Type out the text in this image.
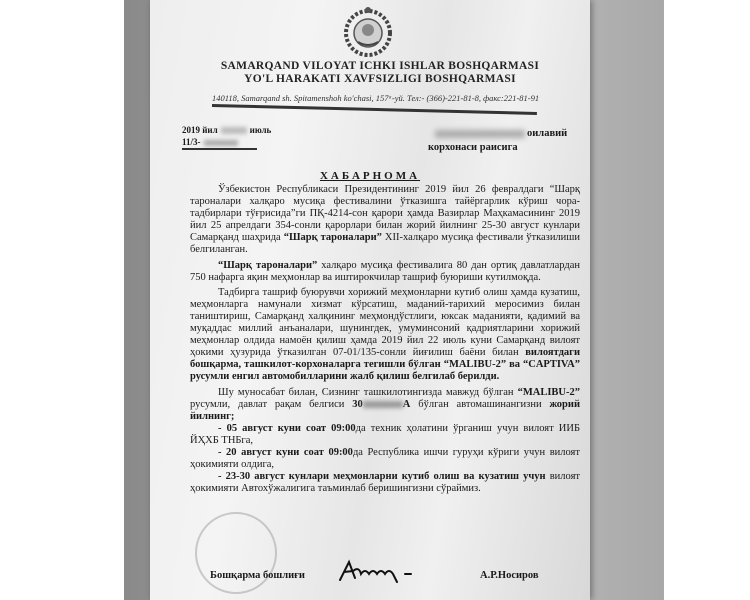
SAMARQAND VILOYAT ICHKI ISHLAR BOSHQARMASI
YO'L HARAKATI XAVFSIZLIGI BOSHQARMASI
140118, Samarqand sh. Spitamenshoh ko'chasi, 157ᵃ-уй. Тел:- (366)-221-81-8, факс:221-81-91
2019 йил	июль
11/3-
оилавий
корхонаси раисига
ХАБАРНОМА

Ўзбекистон Республикаси Президентининг 2019 йил 26 февралдаги “Шарқ тароналари халқаро мусиқа фестивалини ўтказишга тайёргарлик кўриш чора-тадбирлари тўғрисида”ги ПҚ-4214-сон қарори ҳамда Вазирлар Маҳкамасининг 2019 йил 25 апрелдаги 354-сонли қарорлари билан жорий йилнинг 25-30 август кунлари Самарқанд шаҳрида “Шарқ тароналари” XII-халқаро мусиқа фестивали ўтказилиши белгиланган.

“Шарқ тароналари” халқаро мусиқа фестивалига 80 дан ортиқ давлатлардан 750 нафарга яқин меҳмонлар ва иштирокчилар ташриф буюриши кутилмоқда.

Тадбирга ташриф буюрувчи хорижий меҳмонларни кутиб олиш ҳамда кузатиш, меҳмонларга намунали хизмат кўрсатиш, маданий-тарихий меросимиз билан таништириш, Самарқанд халқининг меҳмондўстлиги, юксак маданияти, қадимий ва муқаддас миллий анъаналари, шунингдек, умуминсоний қадриятларини хорижий меҳмонлар олдида намоён қилиш ҳамда 2019 йил 22 июль куни Самарқанд вилоят ҳокими ҳузурида ўтказилган 07-01/135-сонли йиғилиш баёни билан вилоятдаги бошқарма, ташкилот-корхоналарга тегишли бўлган “MALIBU-2” ва “CAPTIVA” русумли енгил автомобилларини жалб қилиш белгилаб берилди.

Шу муносабат билан, Сизнинг ташкилотингизда мавжуд бўлган “MALIBU-2” русумли, давлат рақам белгиси 30	A бўлган автомашинангизни жорий йилнинг;

- 05 август куни соат 09:00да техник ҳолатини ўрганиш учун вилоят ИИБ ЙҲХБ ТНБга,

- 20 август куни соат 09:00да Республика ишчи гуруҳи кўриги учун вилоят ҳокимияти олдига,

- 23-30 август кунлари меҳмонларни кутиб олиш ва кузатиш учун вилоят ҳокимияти Автохўжалигига таъминлаб беришингизни сўраймиз.

Бошқарма бошлиғи	А.Р.Носиров
